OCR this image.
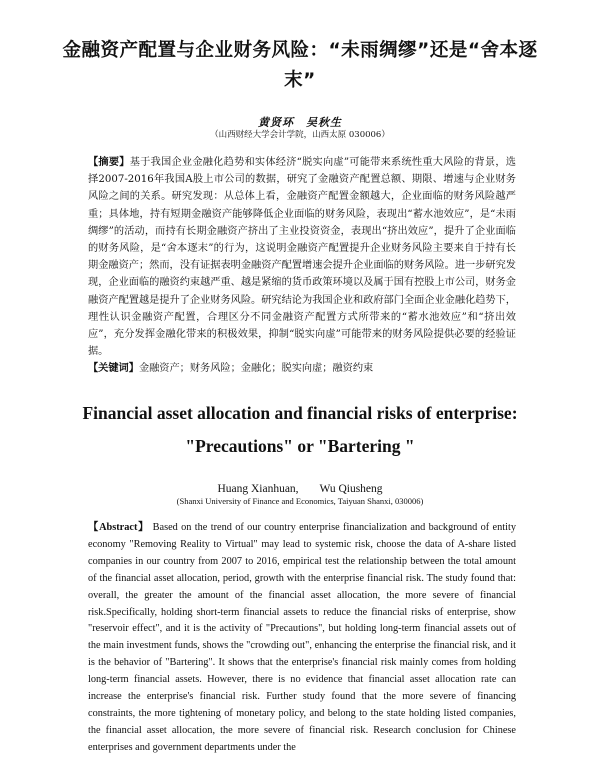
金融资产配置与企业财务风险：“未雨绸缪”还是“舍本逐末”
黄贤环　吴秋生
（山西财经大学会计学院，山西太原 030006）
【摘要】基于我国企业金融化趋势和实体经济“脱实向虚”可能带来系统性重大风险的背景，选择2007-2016年我国A股上市公司的数据，研究了金融资产配置总额、期限、增速与企业财务风险之间的关系。研究发现：从总体上看，金融资产配置金额越大，企业面临的财务风险越严重；具体地，持有短期金融资产能够降低企业面临的财务风险，表现出“蓄水池效应”，是“未雨绸缪”的活动，而持有长期金融资产挤出了主业投资资金，表现出“挤出效应”，提升了企业面临的财务风险，是“舍本逐末”的行为，这说明金融资产配置提升企业财务风险主要来自于持有长期金融资产；然而，没有证据表明金融资产配置增速会提升企业面临的财务风险。进一步研究发现，企业面临的融资约束越严重、越是紧缩的货币政策环境以及属于国有控股上市公司，财务金融资产配置越是提升了企业财务风险。研究结论为我国企业和政府部门全面企业金融化趋势下，理性认识金融资产配置，合理区分不同金融资产配置方式所带来的“蓄水池效应”和“挤出效应”，充分发挥金融化带来的积极效果，抑制“脱实向虚”可能带来的财务风险提供必要的经验证据。
Financial asset allocation and financial risks of enterprise:
"Precautions" or "Bartering "
【关键词】金融资产；财务风险；金融化；脱实向虚；融资约束
Huang Xianhuan, Wu Qiusheng
(Shanxi University of Finance and Economics, Taiyuan Shanxi, 030006)
【Abstract】 Based on the trend of our country enterprise financialization and background of entity economy "Removing Reality to Virtual" may lead to systemic risk, choose the data of A-share listed companies in our country from 2007 to 2016, empirical test the relationship between the total amount of the financial asset allocation, period, growth with the enterprise financial risk. The study found that: overall, the greater the amount of the financial asset allocation, the more severe of financial risk.Specifically, holding short-term financial assets to reduce the financial risks of enterprise, show "reservoir effect", and it is the activity of "Precautions", but holding long-term financial assets out of the main investment funds, shows the "crowding out", enhancing the enterprise the financial risk, and it is the behavior of "Bartering". It shows that the enterprise's financial risk mainly comes from holding long-term financial assets. However, there is no evidence that financial asset allocation rate can increase the enterprise's financial risk. Further study found that the more severe of financing constraints, the more tightening of monetary policy, and belong to the state holding listed companies, the financial asset allocation, the more severe of financial risk. Research conclusion for Chinese enterprises and government departments under the
